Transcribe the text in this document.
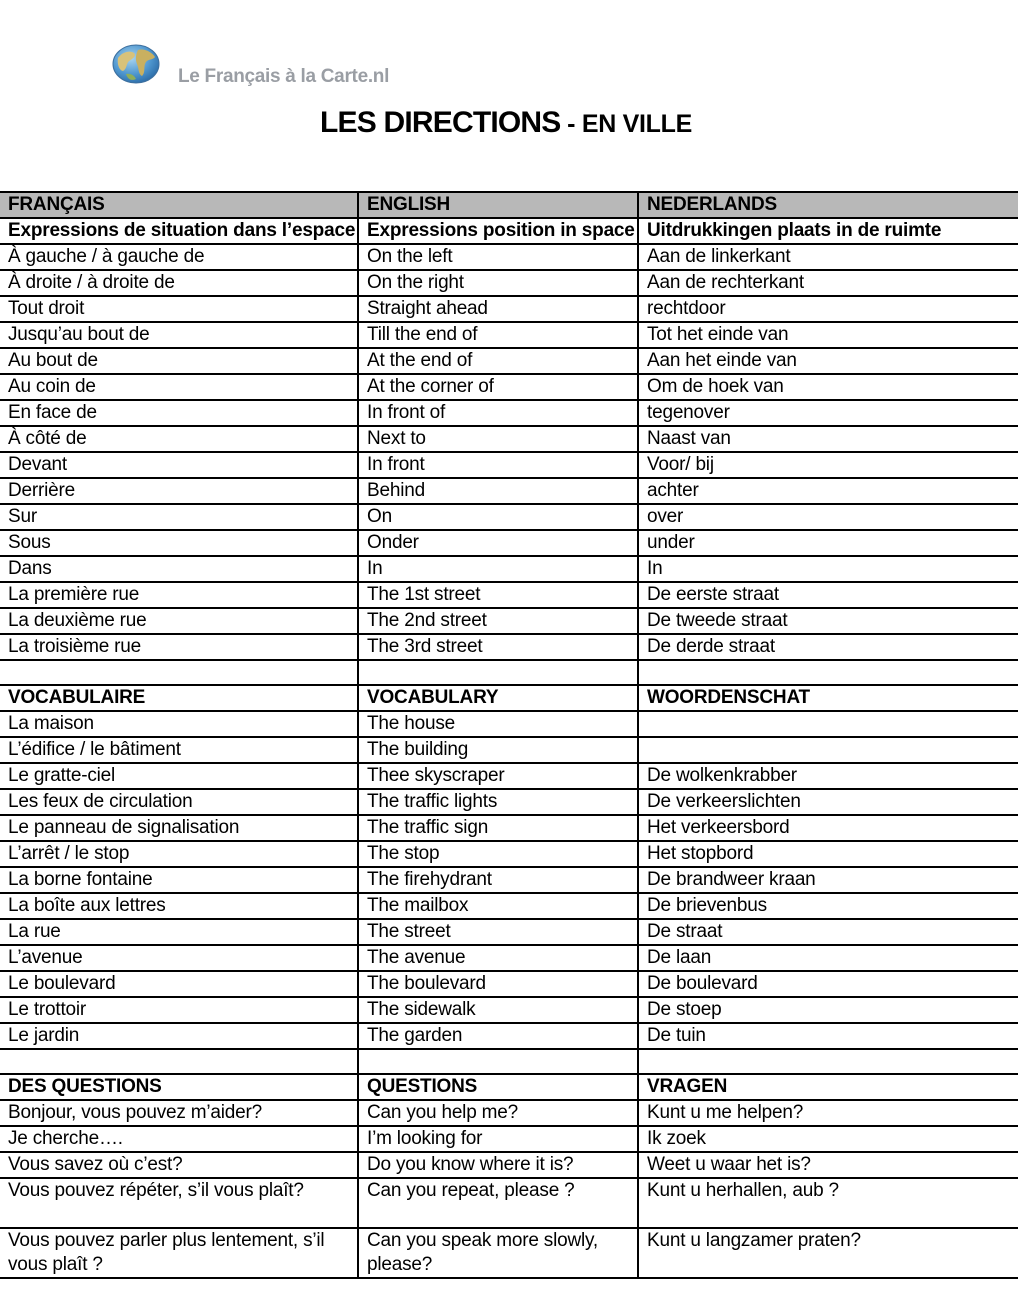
Le Français à la Carte.nl
LES DIRECTIONS - EN VILLE
FRANÇAIS	ENGLISH	NEDERLANDS
Expressions de situation dans l’espace	Expressions position in space	Uitdrukkingen plaats in de ruimte
À gauche / à gauche de	On the left	Aan de linkerkant
À droite / à droite de	On the right	Aan de rechterkant
Tout droit	Straight ahead	rechtdoor
Jusqu’au bout de	Till the end of	Tot het einde van
Au bout de	At the end of	Aan het einde van
Au coin de	At the corner of	Om de hoek van
En face de	In front of	tegenover
À côté de	Next to	Naast van
Devant	In front	Voor/ bij
Derrière	Behind	achter
Sur	On	over
Sous	Onder	under
Dans	In	In
La première rue	The 1st street	De eerste straat
La deuxième rue	The 2nd street	De tweede straat
La troisième rue	The 3rd street	De derde straat

VOCABULAIRE	VOCABULARY	WOORDENSCHAT
La maison	The house	
L’édifice / le bâtiment	The building	
Le gratte-ciel	Thee skyscraper	De wolkenkrabber
Les feux de circulation	The traffic lights	De verkeerslichten
Le panneau de signalisation	The traffic sign	Het verkeersbord
L’arrêt / le stop	The stop	Het stopbord
La borne fontaine	The firehydrant	De brandweer kraan
La boîte aux lettres	The mailbox	De brievenbus
La rue	The street	De straat
L’avenue	The avenue	De laan
Le boulevard	The boulevard	De boulevard
Le trottoir	The sidewalk	De stoep
Le jardin	The garden	De tuin

DES QUESTIONS	QUESTIONS	VRAGEN
Bonjour, vous pouvez m’aider?	Can you help me?	Kunt u me helpen?
Je cherche….	I’m looking for	Ik zoek
Vous savez où c’est?	Do you know where it is?	Weet u waar het is?
Vous pouvez répéter, s’il vous plaît?	Can you repeat, please ?	Kunt u herhallen, aub ?
Vous pouvez parler plus lentement, s’il vous plaît ?	Can you speak more slowly, please?	Kunt u langzamer praten?
